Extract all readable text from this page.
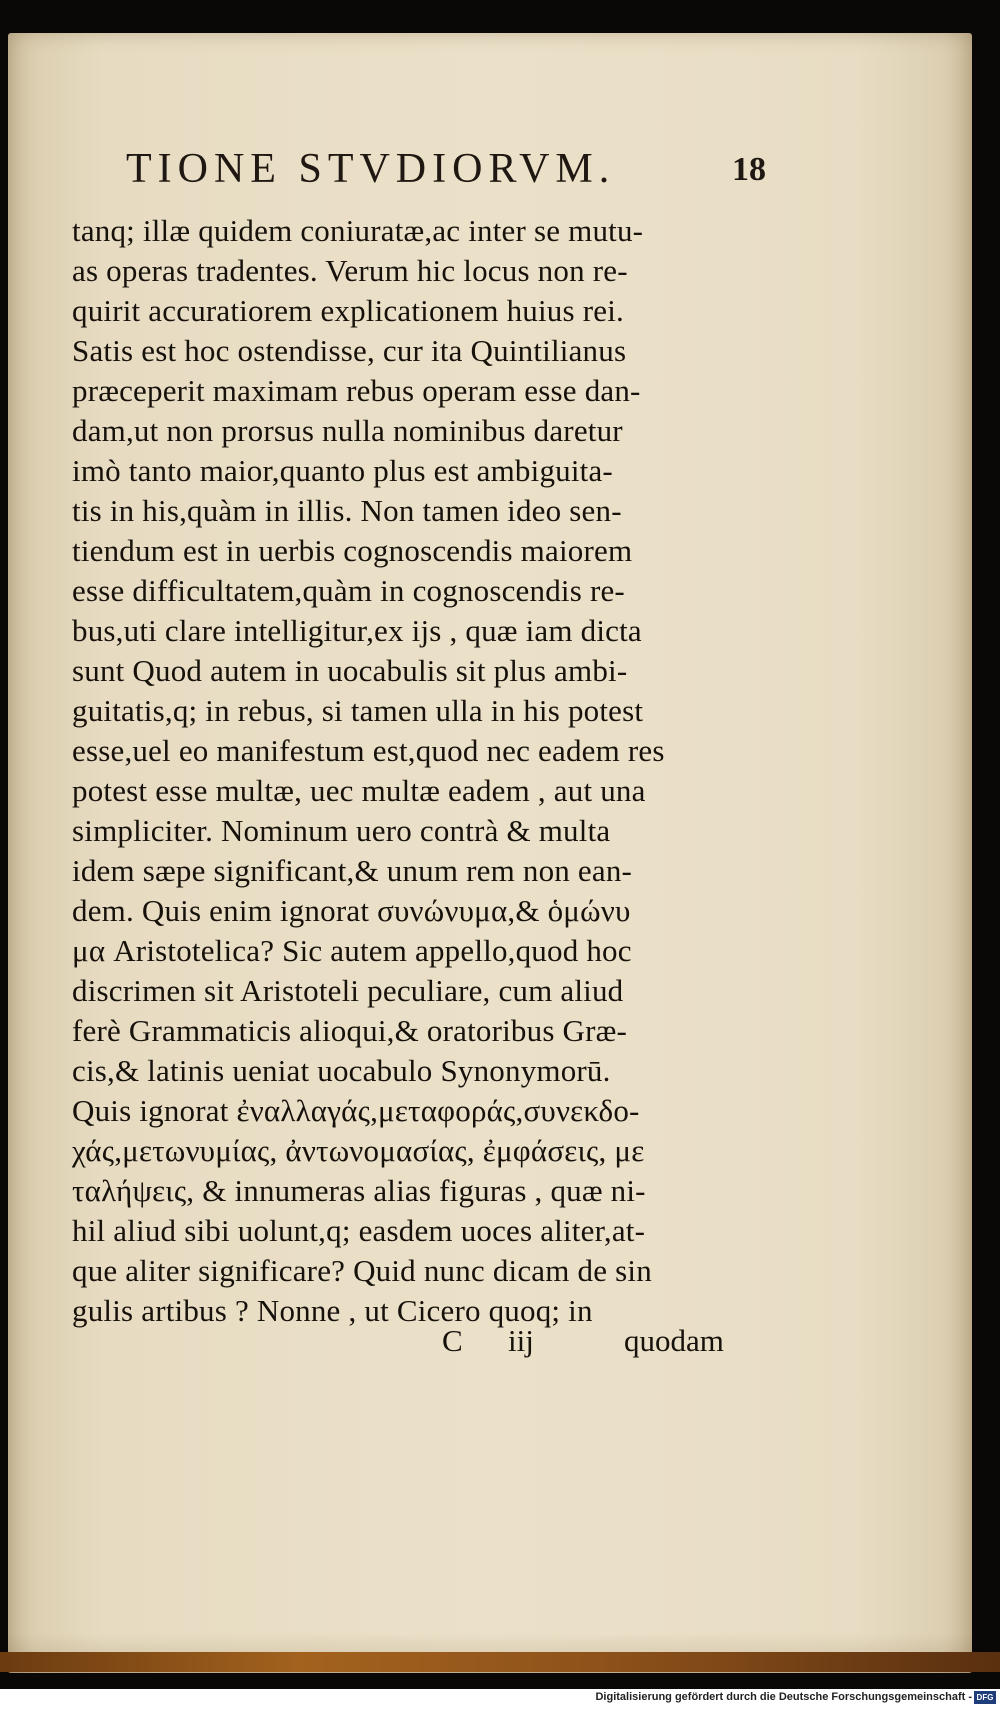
TIONE STVDIORVM.	18
tanq; illæ quidem coniuratæ,ac inter se mutu-
as operas tradentes. Verum hic locus non re-
quirit accuratiorem explicationem huius rei.
Satis est hoc ostendisse, cur ita Quintilianus
præceperit maximam rebus operam esse dan-
dam,ut non prorsus nulla nominibus daretur
imò tanto maior,quanto plus est ambiguita-
tis in his,quàm in illis. Non tamen ideo sen-
tiendum est in uerbis cognoscendis maiorem
esse difficultatem,quàm in cognoscendis re-
bus,uti clare intelligitur,ex ijs , quæ iam dicta
sunt Quod autem in uocabulis sit plus ambi-
guitatis,q; in rebus, si tamen ulla in his potest
esse,uel eo manifestum est,quod nec eadem res
potest esse multæ, uec multæ eadem , aut una
simpliciter. Nominum uero contrà & multa
idem sæpe significant,& unum rem non ean-
dem. Quis enim ignorat συνώνυμα,& ὁμώνυ
μα Aristotelica? Sic autem appello,quod hoc
discrimen sit Aristoteli peculiare, cum aliud
ferè Grammaticis alioqui,& oratoribus Græ-
cis,& latinis ueniat uocabulo Synonymorū.
Quis ignorat ἐναλλαγάς,μεταφοράς,συνεκδο-
χάς,μετωνυμίας, ἀντωνομασίας, ἐμφάσεις, με
ταλήψεις, & innumeras alias figuras , quæ ni-
hil aliud sibi uolunt,q; easdem uoces aliter,at-
que aliter significare? Quid nunc dicam de sin
gulis artibus ? Nonne , ut Cicero quoq; in
C iij	quodam
Digitalisierung gefördert durch die Deutsche Forschungsgemeinschaft - DFG
